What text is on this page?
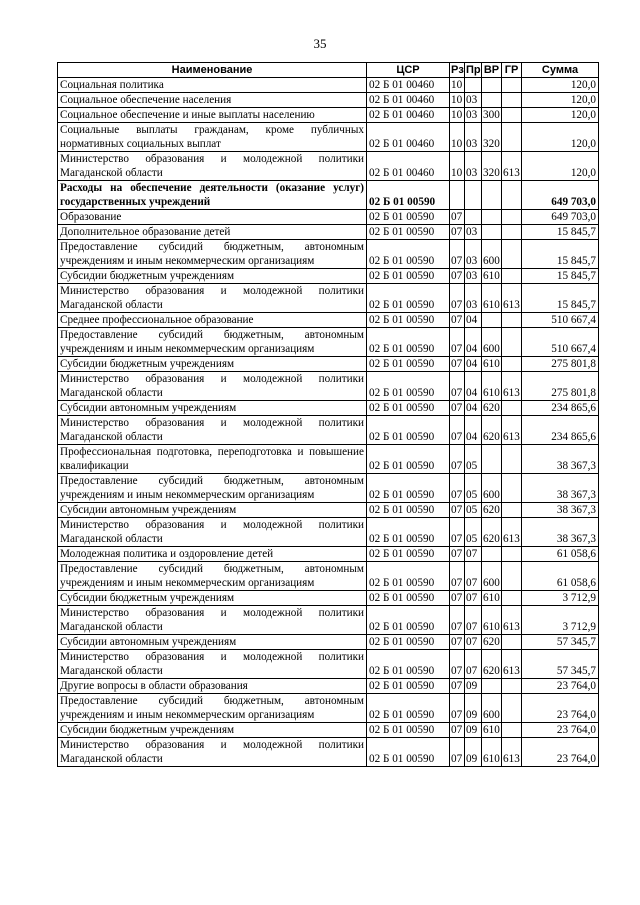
35
Наименование	ЦСР	Рз	Пр	ВР	ГР	Сумма
Социальная политика	02 Б 01 00460	10				120,0
Социальное обеспечение населения	02 Б 01 00460	10	03			120,0
Социальное обеспечение и иные выплаты населению	02 Б 01 00460	10	03	300		120,0
Социальные выплаты гражданам, кроме публичных нормативных социальных выплат	02 Б 01 00460	10	03	320		120,0
Министерство образования и молодежной политики Магаданской области	02 Б 01 00460	10	03	320	613	120,0
Расходы на обеспечение деятельности (оказание услуг) государственных учреждений	02 Б 01 00590					649 703,0
Образование	02 Б 01 00590	07				649 703,0
Дополнительное образование детей	02 Б 01 00590	07	03			15 845,7
Предоставление субсидий бюджетным, автономным учреждениям и иным некоммерческим организациям	02 Б 01 00590	07	03	600		15 845,7
Субсидии бюджетным учреждениям	02 Б 01 00590	07	03	610		15 845,7
Министерство образования и молодежной политики Магаданской области	02 Б 01 00590	07	03	610	613	15 845,7
Среднее профессиональное образование	02 Б 01 00590	07	04			510 667,4
Предоставление субсидий бюджетным, автономным учреждениям и иным некоммерческим организациям	02 Б 01 00590	07	04	600		510 667,4
Субсидии бюджетным учреждениям	02 Б 01 00590	07	04	610		275 801,8
Министерство образования и молодежной политики Магаданской области	02 Б 01 00590	07	04	610	613	275 801,8
Субсидии автономным учреждениям	02 Б 01 00590	07	04	620		234 865,6
Министерство образования и молодежной политики Магаданской области	02 Б 01 00590	07	04	620	613	234 865,6
Профессиональная подготовка, переподготовка и повышение квалификации	02 Б 01 00590	07	05			38 367,3
Предоставление субсидий бюджетным, автономным учреждениям и иным некоммерческим организациям	02 Б 01 00590	07	05	600		38 367,3
Субсидии автономным учреждениям	02 Б 01 00590	07	05	620		38 367,3
Министерство образования и молодежной политики Магаданской области	02 Б 01 00590	07	05	620	613	38 367,3
Молодежная политика и оздоровление детей	02 Б 01 00590	07	07			61 058,6
Предоставление субсидий бюджетным, автономным учреждениям и иным некоммерческим организациям	02 Б 01 00590	07	07	600		61 058,6
Субсидии бюджетным учреждениям	02 Б 01 00590	07	07	610		3 712,9
Министерство образования и молодежной политики Магаданской области	02 Б 01 00590	07	07	610	613	3 712,9
Субсидии автономным учреждениям	02 Б 01 00590	07	07	620		57 345,7
Министерство образования и молодежной политики Магаданской области	02 Б 01 00590	07	07	620	613	57 345,7
Другие вопросы в области образования	02 Б 01 00590	07	09			23 764,0
Предоставление субсидий бюджетным, автономным учреждениям и иным некоммерческим организациям	02 Б 01 00590	07	09	600		23 764,0
Субсидии бюджетным учреждениям	02 Б 01 00590	07	09	610		23 764,0
Министерство образования и молодежной политики Магаданской области	02 Б 01 00590	07	09	610	613	23 764,0
